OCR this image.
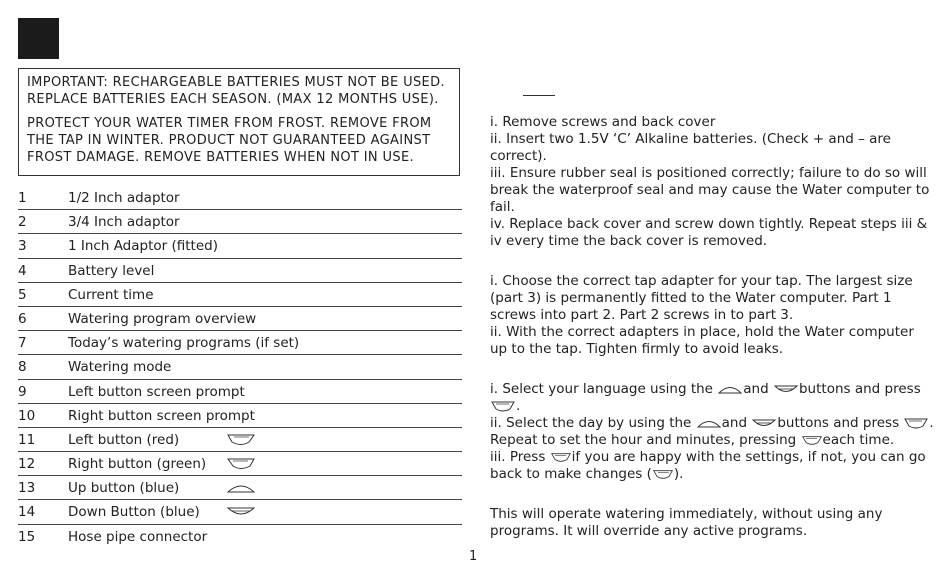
IMPORTANT: RECHARGEABLE BATTERIES MUST NOT BE USED. REPLACE BATTERIES EACH SEASON. (MAX 12 MONTHS USE).

PROTECT YOUR WATER TIMER FROM FROST. REMOVE FROM THE TAP IN WINTER. PRODUCT NOT GUARANTEED AGAINST FROST DAMAGE. REMOVE BATTERIES WHEN NOT IN USE.

1	1/2 Inch adaptor
2	3/4 Inch adaptor
3	1 Inch Adaptor (fitted)
4	Battery level
5	Current time
6	Watering program overview
7	Today’s watering programs (if set)
8	Watering mode
9	Left button screen prompt
10 Right button screen prompt
11 Left button (red)
12 Right button (green)
13 Up button (blue)
14 Down Button (blue)
15 Hose pipe connector

i. Remove screws and back cover

ii. Insert two 1.5V ‘C’ Alkaline batteries. (Check + and – are correct).

iii. Ensure rubber seal is positioned correctly; failure to do so will break the waterproof seal and may cause the Water computer to fail.

iv. Replace back cover and screw down tightly. Repeat steps iii & iv every time the back cover is removed.

i. Choose the correct tap adapter for your tap. The largest size (part 3) is permanently fitted to the Water computer. Part 1 screws into part 2. Part 2 screws in to part 3.

ii. With the correct adapters in place, hold the Water computer up to the tap. Tighten firmly to avoid leaks.

i. Select your language using the and buttons and press .

ii. Select the day by using the and buttons and press . Repeat to set the hour and minutes, pressing each time.

iii. Press if you are happy with the settings, if not, you can go back to make changes ( ).

This will operate watering immediately, without using any programs. It will override any active programs.

1
